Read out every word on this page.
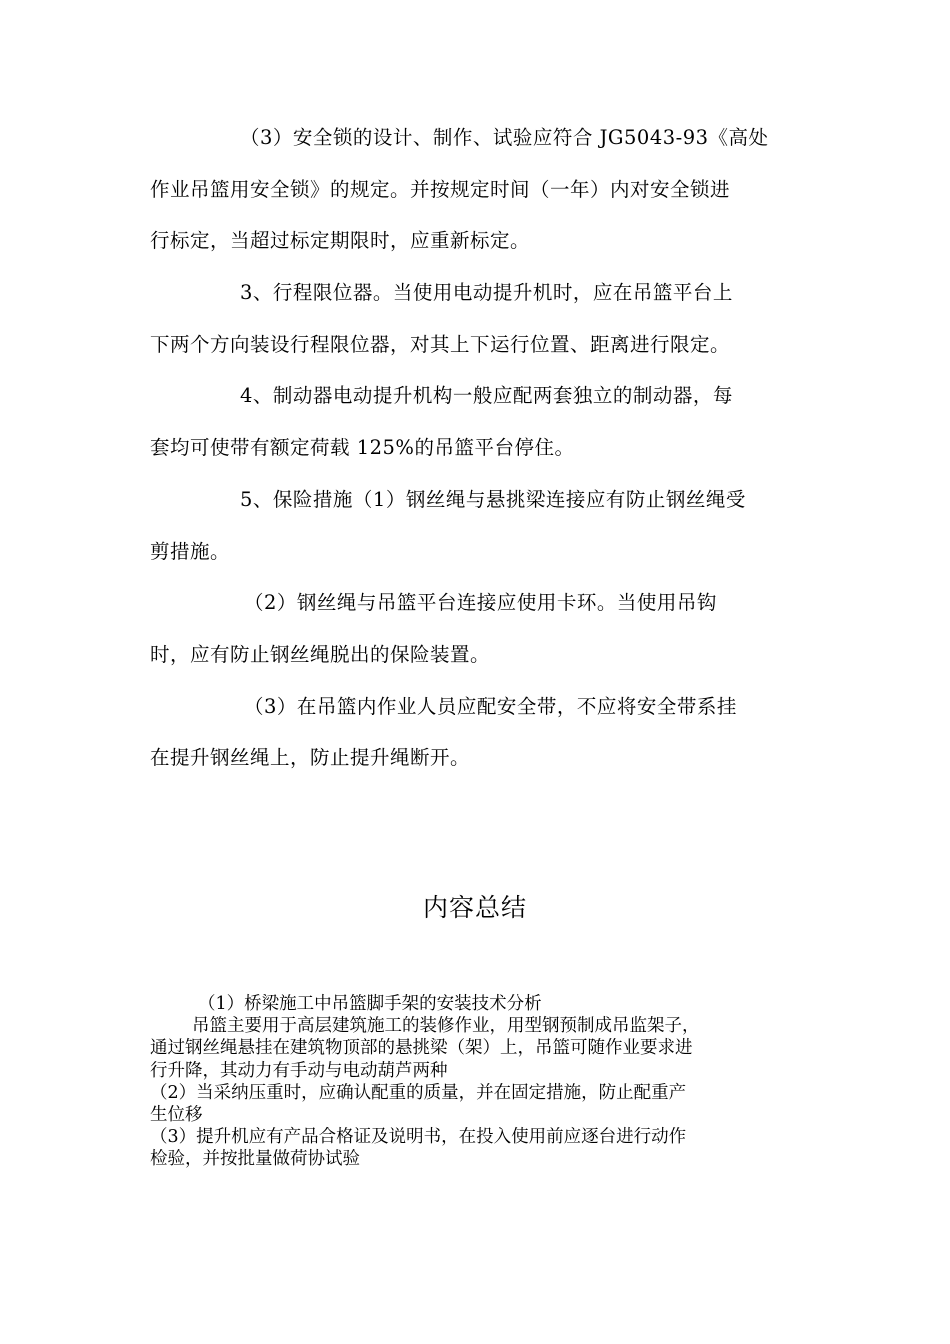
（3）安全锁的设计、制作、试验应符合 JG5043-93《高处
作业吊篮用安全锁》的规定。并按规定时间（一年）内对安全锁进
行标定，当超过标定期限时，应重新标定。
3、行程限位器。当使用电动提升机时，应在吊篮平台上
下两个方向装设行程限位器，对其上下运行位置、距离进行限定。
4、制动器电动提升机构一般应配两套独立的制动器，每
套均可使带有额定荷载 125%的吊篮平台停住。
5、保险措施（1）钢丝绳与悬挑梁连接应有防止钢丝绳受
剪措施。
（2）钢丝绳与吊篮平台连接应使用卡环。当使用吊钩
时，应有防止钢丝绳脱出的保险装置。
（3）在吊篮内作业人员应配安全带，不应将安全带系挂
在提升钢丝绳上，防止提升绳断开。
内容总结
（1）桥梁施工中吊篮脚手架的安装技术分析
吊篮主要用于高层建筑施工的装修作业，用型钢预制成吊监架子，
通过钢丝绳悬挂在建筑物顶部的悬挑梁（架）上，吊篮可随作业要求进
行升降，其动力有手动与电动葫芦两种
（2）当采纳压重时，应确认配重的质量，并在固定措施，防止配重产
生位移
（3）提升机应有产品合格证及说明书，在投入使用前应逐台进行动作
检验，并按批量做荷协试验
